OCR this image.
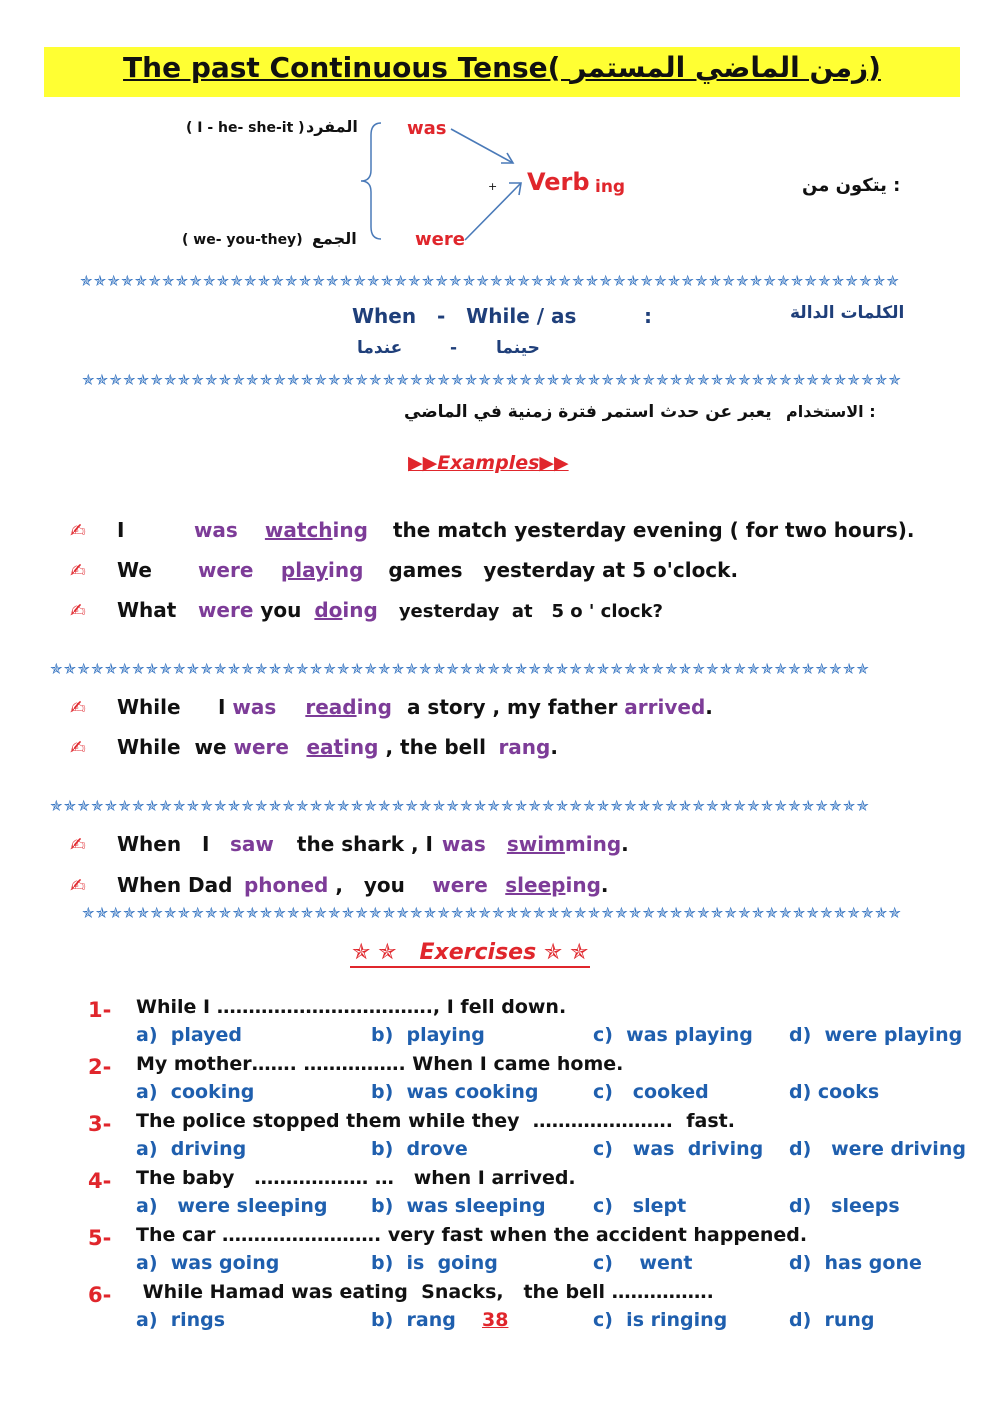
The past Continuous Tense( زمن الماضي المستمر)
( I - he- she-it ) المفرد	was
( we- you-they) الجمع	were
+ Verb ing	يتكون من :
✯✯✯✯✯✯✯✯✯✯✯✯✯✯✯✯✯✯✯✯✯✯✯✯✯✯✯✯✯✯✯✯✯✯✯✯✯✯✯✯✯✯✯✯✯✯✯✯✯✯✯✯✯✯✯✯✯✯✯✯
When   -   While / as	:	الكلمات الدالة
عندما	- حينما
✯✯✯✯✯✯✯✯✯✯✯✯✯✯✯✯✯✯✯✯✯✯✯✯✯✯✯✯✯✯✯✯✯✯✯✯✯✯✯✯✯✯✯✯✯✯✯✯✯✯✯✯✯✯✯✯✯✯✯✯
يعبر عن حدث استمر فترة زمنية في الماضي الاستخدام :
▶▶Examples▶▶
✍ I	was watching the match yesterday evening ( for two hours).
✍ We were playing games   yesterday at 5 o'clock.
✍ What were you doing yesterday  at   5 o ' clock?
✯✯✯✯✯✯✯✯✯✯✯✯✯✯✯✯✯✯✯✯✯✯✯✯✯✯✯✯✯✯✯✯✯✯✯✯✯✯✯✯✯✯✯✯✯✯✯✯✯✯✯✯✯✯✯✯✯✯✯✯
✍ While I was reading a story , my father arrived.
✍ While  we were eating , the bell rang.
✯✯✯✯✯✯✯✯✯✯✯✯✯✯✯✯✯✯✯✯✯✯✯✯✯✯✯✯✯✯✯✯✯✯✯✯✯✯✯✯✯✯✯✯✯✯✯✯✯✯✯✯✯✯✯✯✯✯✯✯
✍ When   I saw the shark , I was swimming.
✍ When Dad phoned ,   you were sleeping.
✯✯✯✯✯✯✯✯✯✯✯✯✯✯✯✯✯✯✯✯✯✯✯✯✯✯✯✯✯✯✯✯✯✯✯✯✯✯✯✯✯✯✯✯✯✯✯✯✯✯✯✯✯✯✯✯✯✯✯✯
✯ ✯   Exercises ✯ ✯
1- While I ……………………………., I fell down.
a)  played	b)  playing	c)  was playing d)  were playing
2- My mother……. ……………. When I came home.
a)  cooking	b)  was cooking	c)   cooked	d) cooks
3- The police stopped them while they  ………………….  fast.
a)  driving	b)  drove	c)   was  driving d)   were driving
4- The baby   ……………… …   when I arrived.
a)   were sleeping b)  was sleeping c)   slept	d)   sleeps
5- The car ……………………. very fast when the accident happened.
a)  was going	b)  is  going	c)    went	d)  has gone
6- While Hamad was eating  Snacks,   the bell …………….
a)  rings	b)  rang	c)  is ringing	d)  rung
38
